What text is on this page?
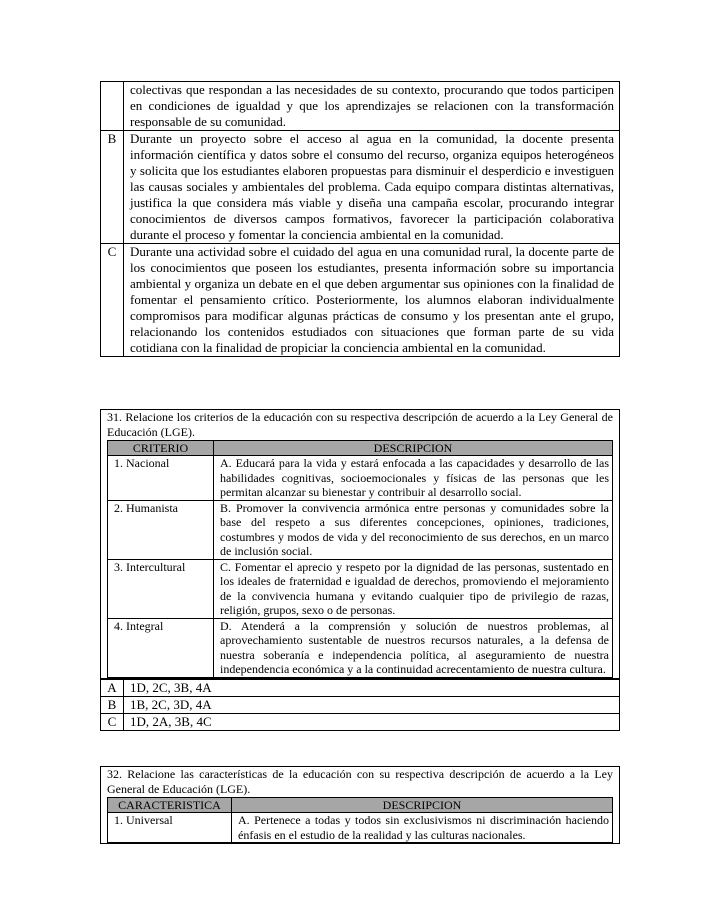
	colectivas que respondan a las necesidades de su contexto, procurando que todos participen en condiciones de igualdad y que los aprendizajes se relacionen con la transformación responsable de su comunidad.
B	Durante un proyecto sobre el acceso al agua en la comunidad, la docente presenta información científica y datos sobre el consumo del recurso, organiza equipos heterogéneos y solicita que los estudiantes elaboren propuestas para disminuir el desperdicio e investiguen las causas sociales y ambientales del problema. Cada equipo compara distintas alternativas, justifica la que considera más viable y diseña una campaña escolar, procurando integrar conocimientos de diversos campos formativos, favorecer la participación colaborativa durante el proceso y fomentar la conciencia ambiental en la comunidad.
C	Durante una actividad sobre el cuidado del agua en una comunidad rural, la docente parte de los conocimientos que poseen los estudiantes, presenta información sobre su importancia ambiental y organiza un debate en el que deben argumentar sus opiniones con la finalidad de fomentar el pensamiento crítico. Posteriormente, los alumnos elaboran individualmente compromisos para modificar algunas prácticas de consumo y los presentan ante el grupo, relacionando los contenidos estudiados con situaciones que forman parte de su vida cotidiana con la finalidad de propiciar la conciencia ambiental en la comunidad.
31. Relacione los criterios de la educación con su respectiva descripción de acuerdo a la Ley General de Educación (LGE).
CRITERIO	DESCRIPCION
1. Nacional	A. Educará para la vida y estará enfocada a las capacidades y desarrollo de las habilidades cognitivas, socioemocionales y físicas de las personas que les permitan alcanzar su bienestar y contribuir al desarrollo social.
2. Humanista	B. Promover la convivencia armónica entre personas y comunidades sobre la base del respeto a sus diferentes concepciones, opiniones, tradiciones, costumbres y modos de vida y del reconocimiento de sus derechos, en un marco de inclusión social.
3. Intercultural	C. Fomentar el aprecio y respeto por la dignidad de las personas, sustentado en los ideales de fraternidad e igualdad de derechos, promoviendo el mejoramiento de la convivencia humana y evitando cualquier tipo de privilegio de razas, religión, grupos, sexo o de personas.
4. Integral	D. Atenderá a la comprensión y solución de nuestros problemas, al aprovechamiento sustentable de nuestros recursos naturales, a la defensa de nuestra soberanía e independencia política, al aseguramiento de nuestra independencia económica y a la continuidad acrecentamiento de nuestra cultura.
A	1D, 2C, 3B, 4A
B	1B, 2C, 3D, 4A
C	1D, 2A, 3B, 4C
32. Relacione las características de la educación con su respectiva descripción de acuerdo a la Ley General de Educación (LGE).
CARACTERISTICA	DESCRIPCION
1. Universal	A. Pertenece a todas y todos sin exclusivismos ni discriminación haciendo énfasis en el estudio de la realidad y las culturas nacionales.
